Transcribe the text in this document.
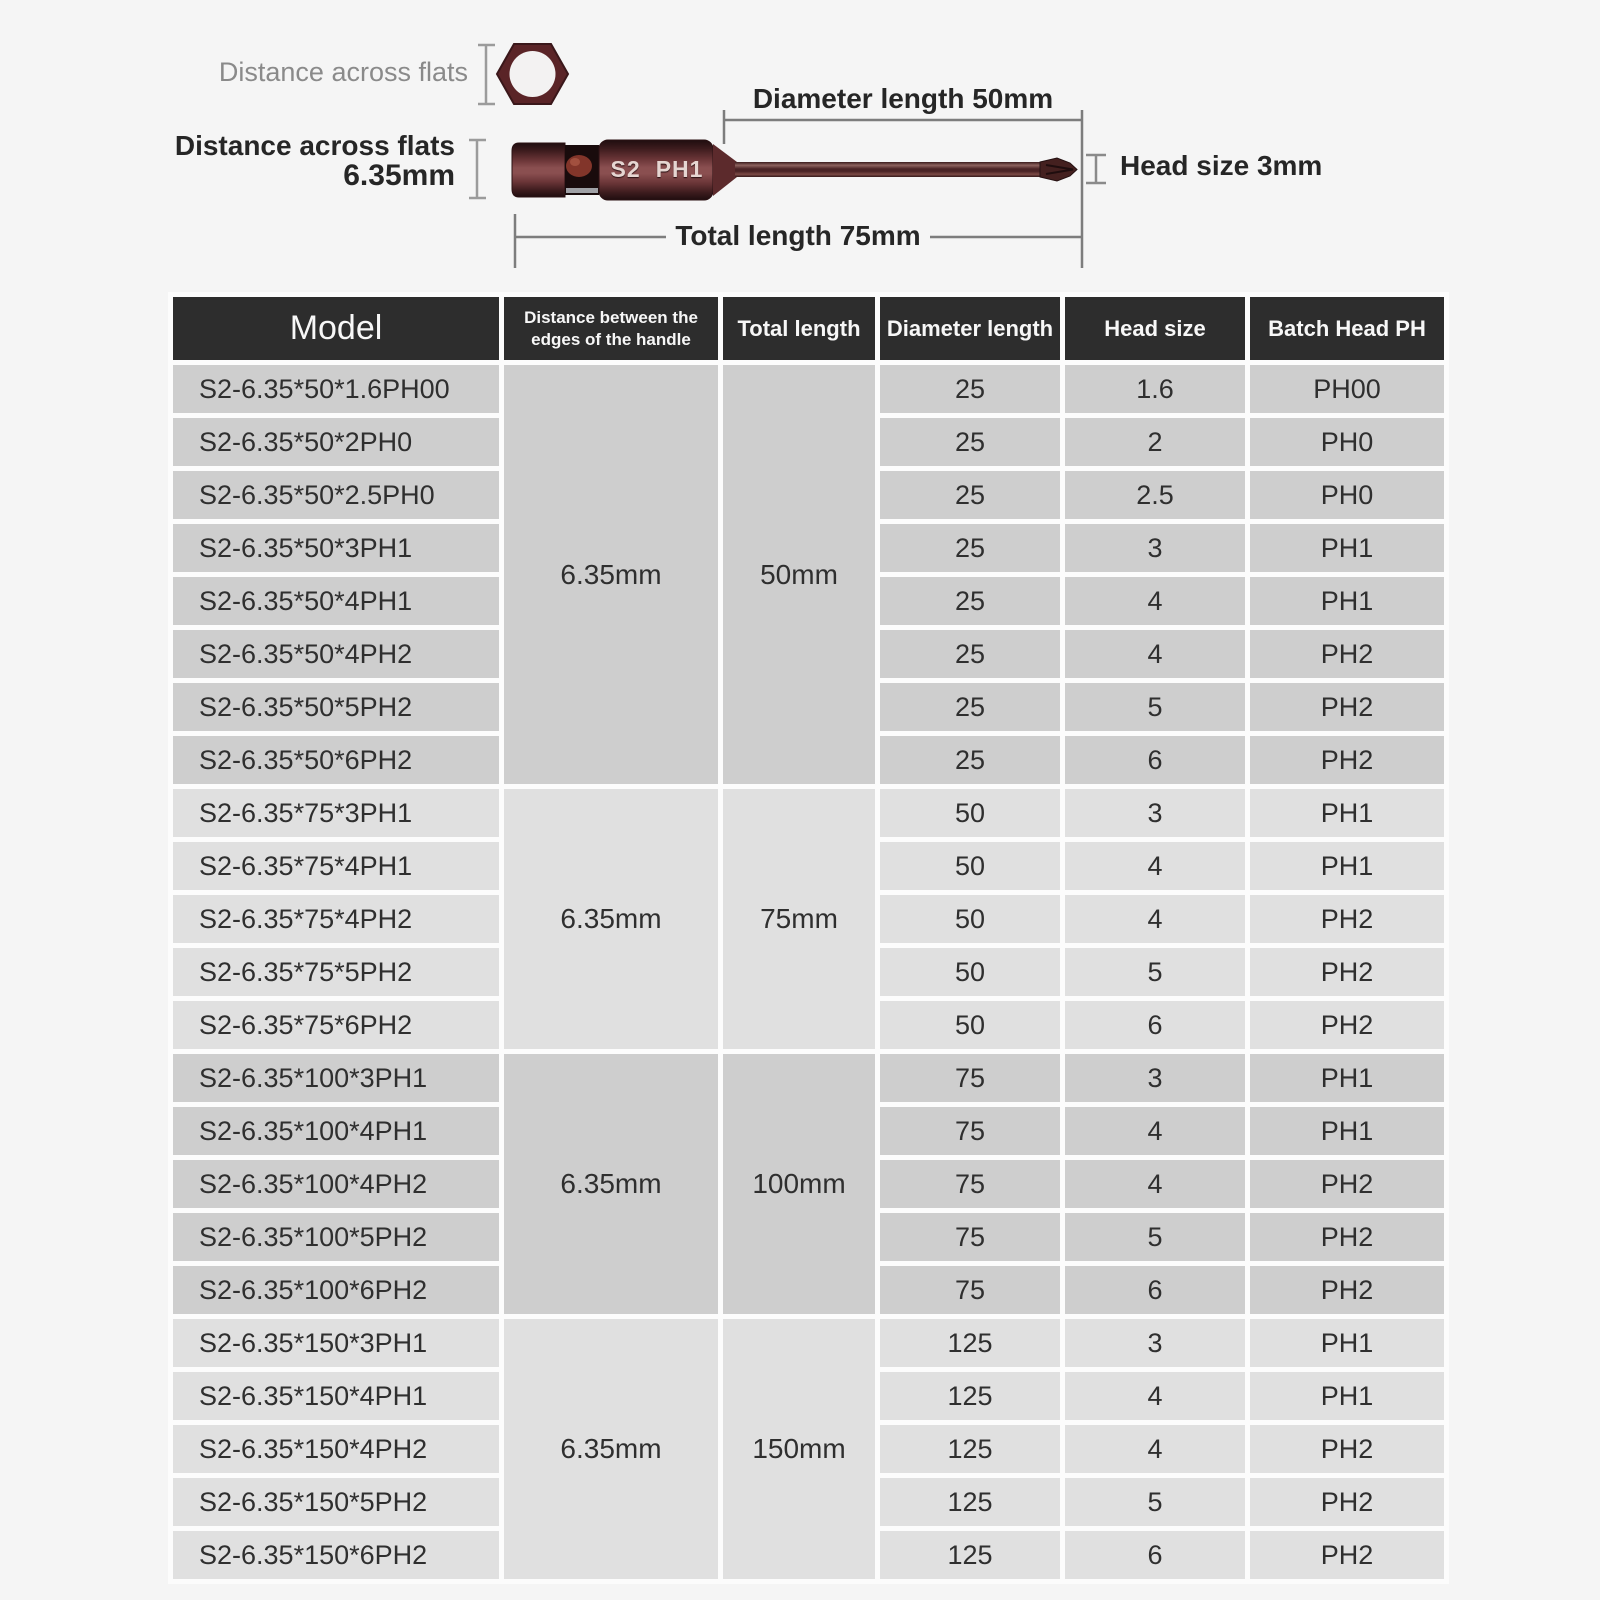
Distance across flats
Distance across flats
6.35mm
Diameter length 50mm
Head size 3mm
Total length 75mm
S2 PH1
Model	Distance between the edges of the handle	Total length	Diameter length	Head size	Batch Head PH
S2-6.35*50*1.6PH00	6.35mm	50mm	25	1.6	PH00
S2-6.35*50*2PH0			25	2	PH0
S2-6.35*50*2.5PH0			25	2.5	PH0
S2-6.35*50*3PH1			25	3	PH1
S2-6.35*50*4PH1			25	4	PH1
S2-6.35*50*4PH2			25	4	PH2
S2-6.35*50*5PH2			25	5	PH2
S2-6.35*50*6PH2			25	6	PH2
S2-6.35*75*3PH1	6.35mm	75mm	50	3	PH1
S2-6.35*75*4PH1			50	4	PH1
S2-6.35*75*4PH2			50	4	PH2
S2-6.35*75*5PH2			50	5	PH2
S2-6.35*75*6PH2			50	6	PH2
S2-6.35*100*3PH1	6.35mm	100mm	75	3	PH1
S2-6.35*100*4PH1			75	4	PH1
S2-6.35*100*4PH2			75	4	PH2
S2-6.35*100*5PH2			75	5	PH2
S2-6.35*100*6PH2			75	6	PH2
S2-6.35*150*3PH1	6.35mm	150mm	125	3	PH1
S2-6.35*150*4PH1			125	4	PH1
S2-6.35*150*4PH2			125	4	PH2
S2-6.35*150*5PH2			125	5	PH2
S2-6.35*150*6PH2			125	6	PH2
